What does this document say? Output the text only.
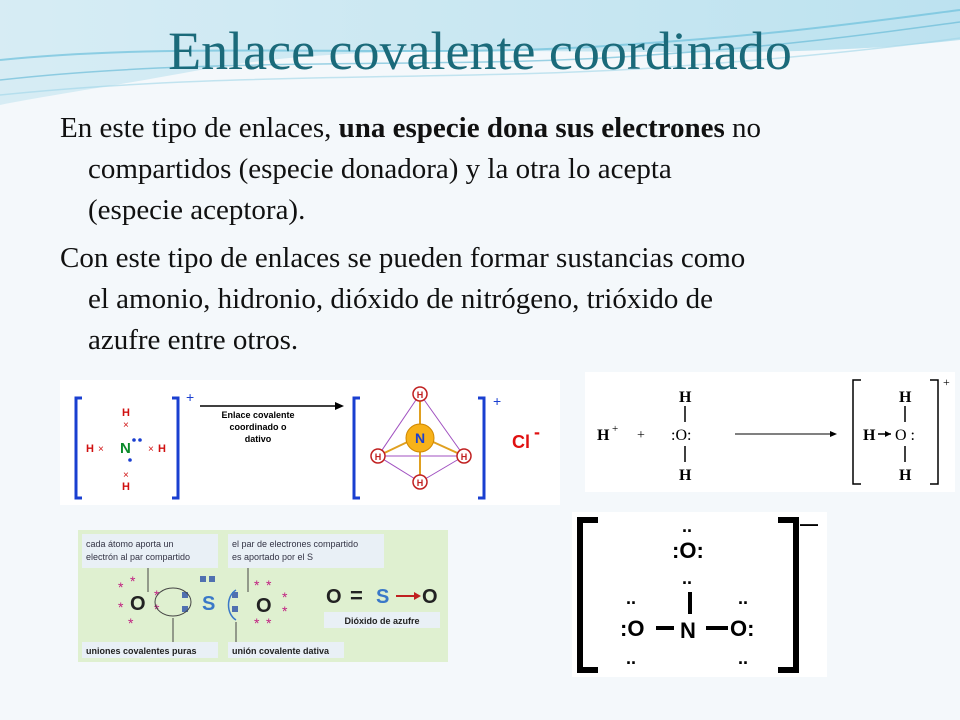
Enlace covalente coordinado
En este tipo de enlaces, una especie dona sus electrones no
compartidos (especie donadora) y la otra lo acepta
(especie aceptora).
Con este tipo de enlaces se pueden formar sustancias como
el amonio, hidronio, dióxido de nitrógeno, trióxido de
azufre entre otros.
+
H
×
H × N × H
×
H
Enlace covalente
coordinado o
dativo
+
N
H
H	H
H
Cl -	H + +
H
:O:
H
+
H
H O :
H
cada átomo aporta un
electrón al par compartido
el par de electrones compartido
es aportado por el S
O	S O
* *
*
*
*
*
* *
*
*
* *
O = S O
Dióxido de azufre
uniones covalentes puras	unión covalente dativa
—
..
:O:
..
..	..
:O N O:
..	..
